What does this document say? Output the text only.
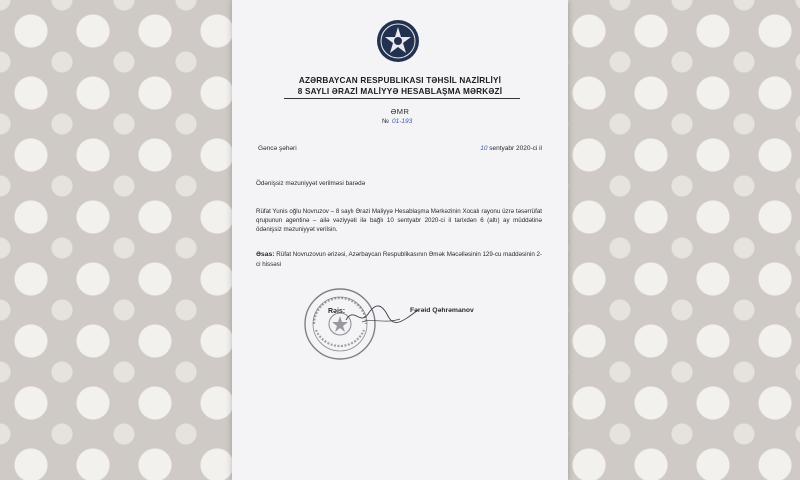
AZƏRBAYCAN RESPUBLIKASI TƏHSİL NAZİRLİYİ
8 SAYLI ƏRAZİ MALİYYƏ HESABLAŞMA MƏRKƏZİ
ƏMR
№ 01-193
Gəncə şəhəri	10 sentyabr 2020-ci il
Ödənişsiz məzuniyyət verilməsi barədə
Rüfat Yunis oğlu Novruzov – 8 saylı Ərazi Maliyyə Hesablaşma Mərkəzinin Xocalı rayonu üzrə təsərrüfat qrupunun agentinə – ailə vəziyyəti ilə bağlı 10 sentyabr 2020-ci il tarixdən 6 (altı) ay müddətinə ödənişsiz məzuniyyət verilsin.
Əsas: Rüfat Novruzovun ərizəsi, Azərbaycan Respublikasının Əmək Məcəlləsinin 129-cu maddəsinin 2-ci hissəsi
Rəis:	Fərəid Qəhrəmanov
